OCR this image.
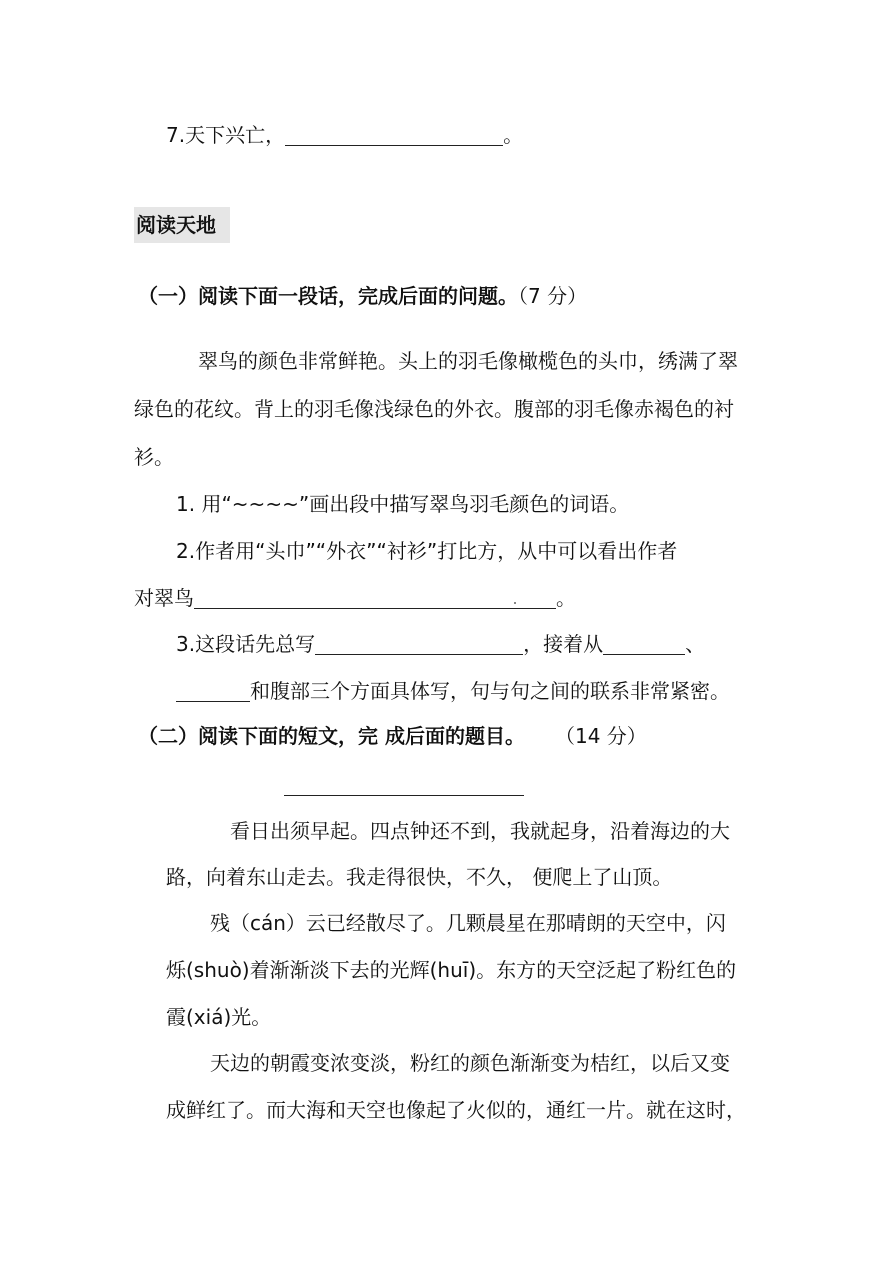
7.天下兴亡，	。
阅读天地
（一）阅读下面一段话，完成后面的问题。（7 分）
翠鸟的颜色非常鲜艳。头上的羽毛像橄榄色的头巾，绣满了翠
绿色的花纹。背上的羽毛像浅绿色的外衣。腹部的羽毛像赤褐色的衬
衫。
1. 用“~~~~”画出段中描写翠鸟羽毛颜色的词语。
2.作者用“头巾”“外衣”“衬衫”打比方，从中可以看出作者
对翠鸟	。
3.这段话先总写	，接着从	、
和腹部三个方面具体写，句与句之间的联系非常紧密。
（二）阅读下面的短文，完 成后面的题目。 （14 分）
看日出须早起。四点钟还不到，我就起身，沿着海边的大
路，向着东山走去。我走得很快，不久， 便爬上了山顶。
残（cán）云已经散尽了。几颗晨星在那晴朗的天空中，闪
烁(shuò)着渐渐淡下去的光辉(huī)。东方的天空泛起了粉红色的
霞(xiá)光。
天边的朝霞变浓变淡，粉红的颜色渐渐变为桔红，以后又变
成鲜红了。而大海和天空也像起了火似的，通红一片。就在这时，
